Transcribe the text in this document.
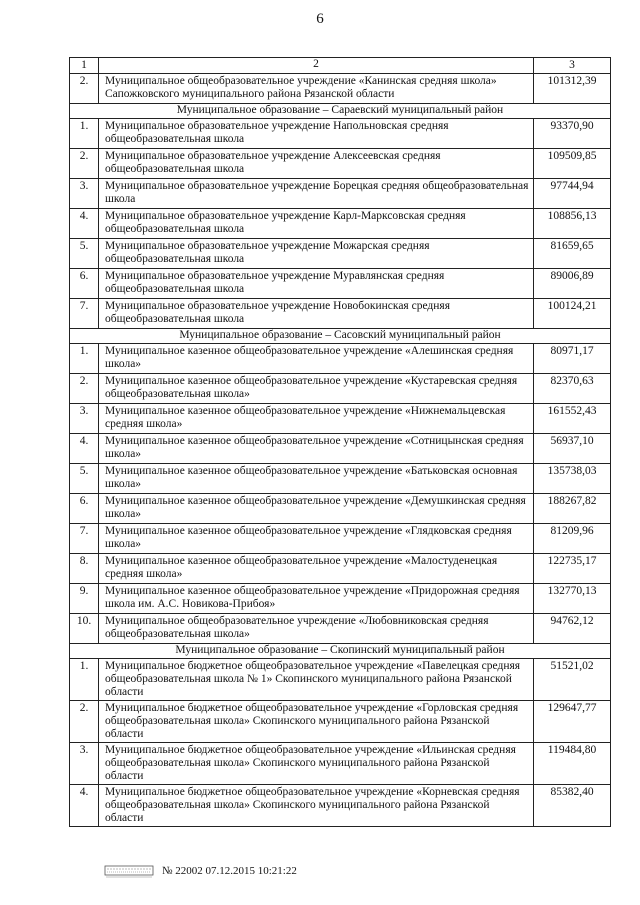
6
1	2	3
2.	Муниципальное общеобразовательное учреждение «Канинская средняя школа» Сапожковского муниципального района Рязанской области	101312,39
Муниципальное образование – Сараевский муниципальный район		
1.	Муниципальное образовательное учреждение Напольновская средняя общеобразовательная школа	93370,90
2.	Муниципальное образовательное учреждение Алексеевская средняя общеобразовательная школа	109509,85
3.	Муниципальное образовательное учреждение Борецкая средняя общеобразовательная школа	97744,94
4.	Муниципальное образовательное учреждение Карл-Марксовская средняя общеобразовательная школа	108856,13
5.	Муниципальное образовательное учреждение Можарская средняя общеобразовательная школа	81659,65
6.	Муниципальное образовательное учреждение Муравлянская средняя общеобразовательная школа	89006,89
7.	Муниципальное образовательное учреждение Новобокинская средняя общеобразовательная школа	100124,21
Муниципальное образование – Сасовский муниципальный район		
1.	Муниципальное казенное общеобразовательное учреждение «Алешинская средняя школа»	80971,17
2.	Муниципальное казенное общеобразовательное учреждение «Кустаревская средняя общеобразовательная школа»	82370,63
3.	Муниципальное казенное общеобразовательное учреждение «Нижнемальцевская средняя школа»	161552,43
4.	Муниципальное казенное общеобразовательное учреждение «Сотницынская средняя школа»	56937,10
5.	Муниципальное казенное общеобразовательное учреждение «Батьковская основная школа»	135738,03
6.	Муниципальное казенное общеобразовательное учреждение «Демушкинская средняя школа»	188267,82
7.	Муниципальное казенное общеобразовательное учреждение «Глядковская средняя школа»	81209,96
8.	Муниципальное казенное общеобразовательное учреждение «Малостуденецкая средняя школа»	122735,17
9.	Муниципальное казенное общеобразовательное учреждение «Придорожная средняя школа им. А.С. Новикова-Прибоя»	132770,13
10.	Муниципальное общеобразовательное учреждение «Любовниковская средняя общеобразовательная школа»	94762,12
Муниципальное образование – Скопинский муниципальный район		
1.	Муниципальное бюджетное общеобразовательное учреждение «Павелецкая средняя общеобразовательная школа № 1» Скопинского муниципального района Рязанской области	51521,02
2.	Муниципальное бюджетное общеобразовательное учреждение «Горловская средняя общеобразовательная школа» Скопинского муниципального района Рязанской области	129647,77
3.	Муниципальное бюджетное общеобразовательное учреждение «Ильинская средняя общеобразовательная школа» Скопинского муниципального района Рязанской области	119484,80
4.	Муниципальное бюджетное общеобразовательное учреждение «Корневская средняя общеобразовательная школа» Скопинского муниципального района Рязанской области	85382,40
№ 22002 07.12.2015 10:21:22
